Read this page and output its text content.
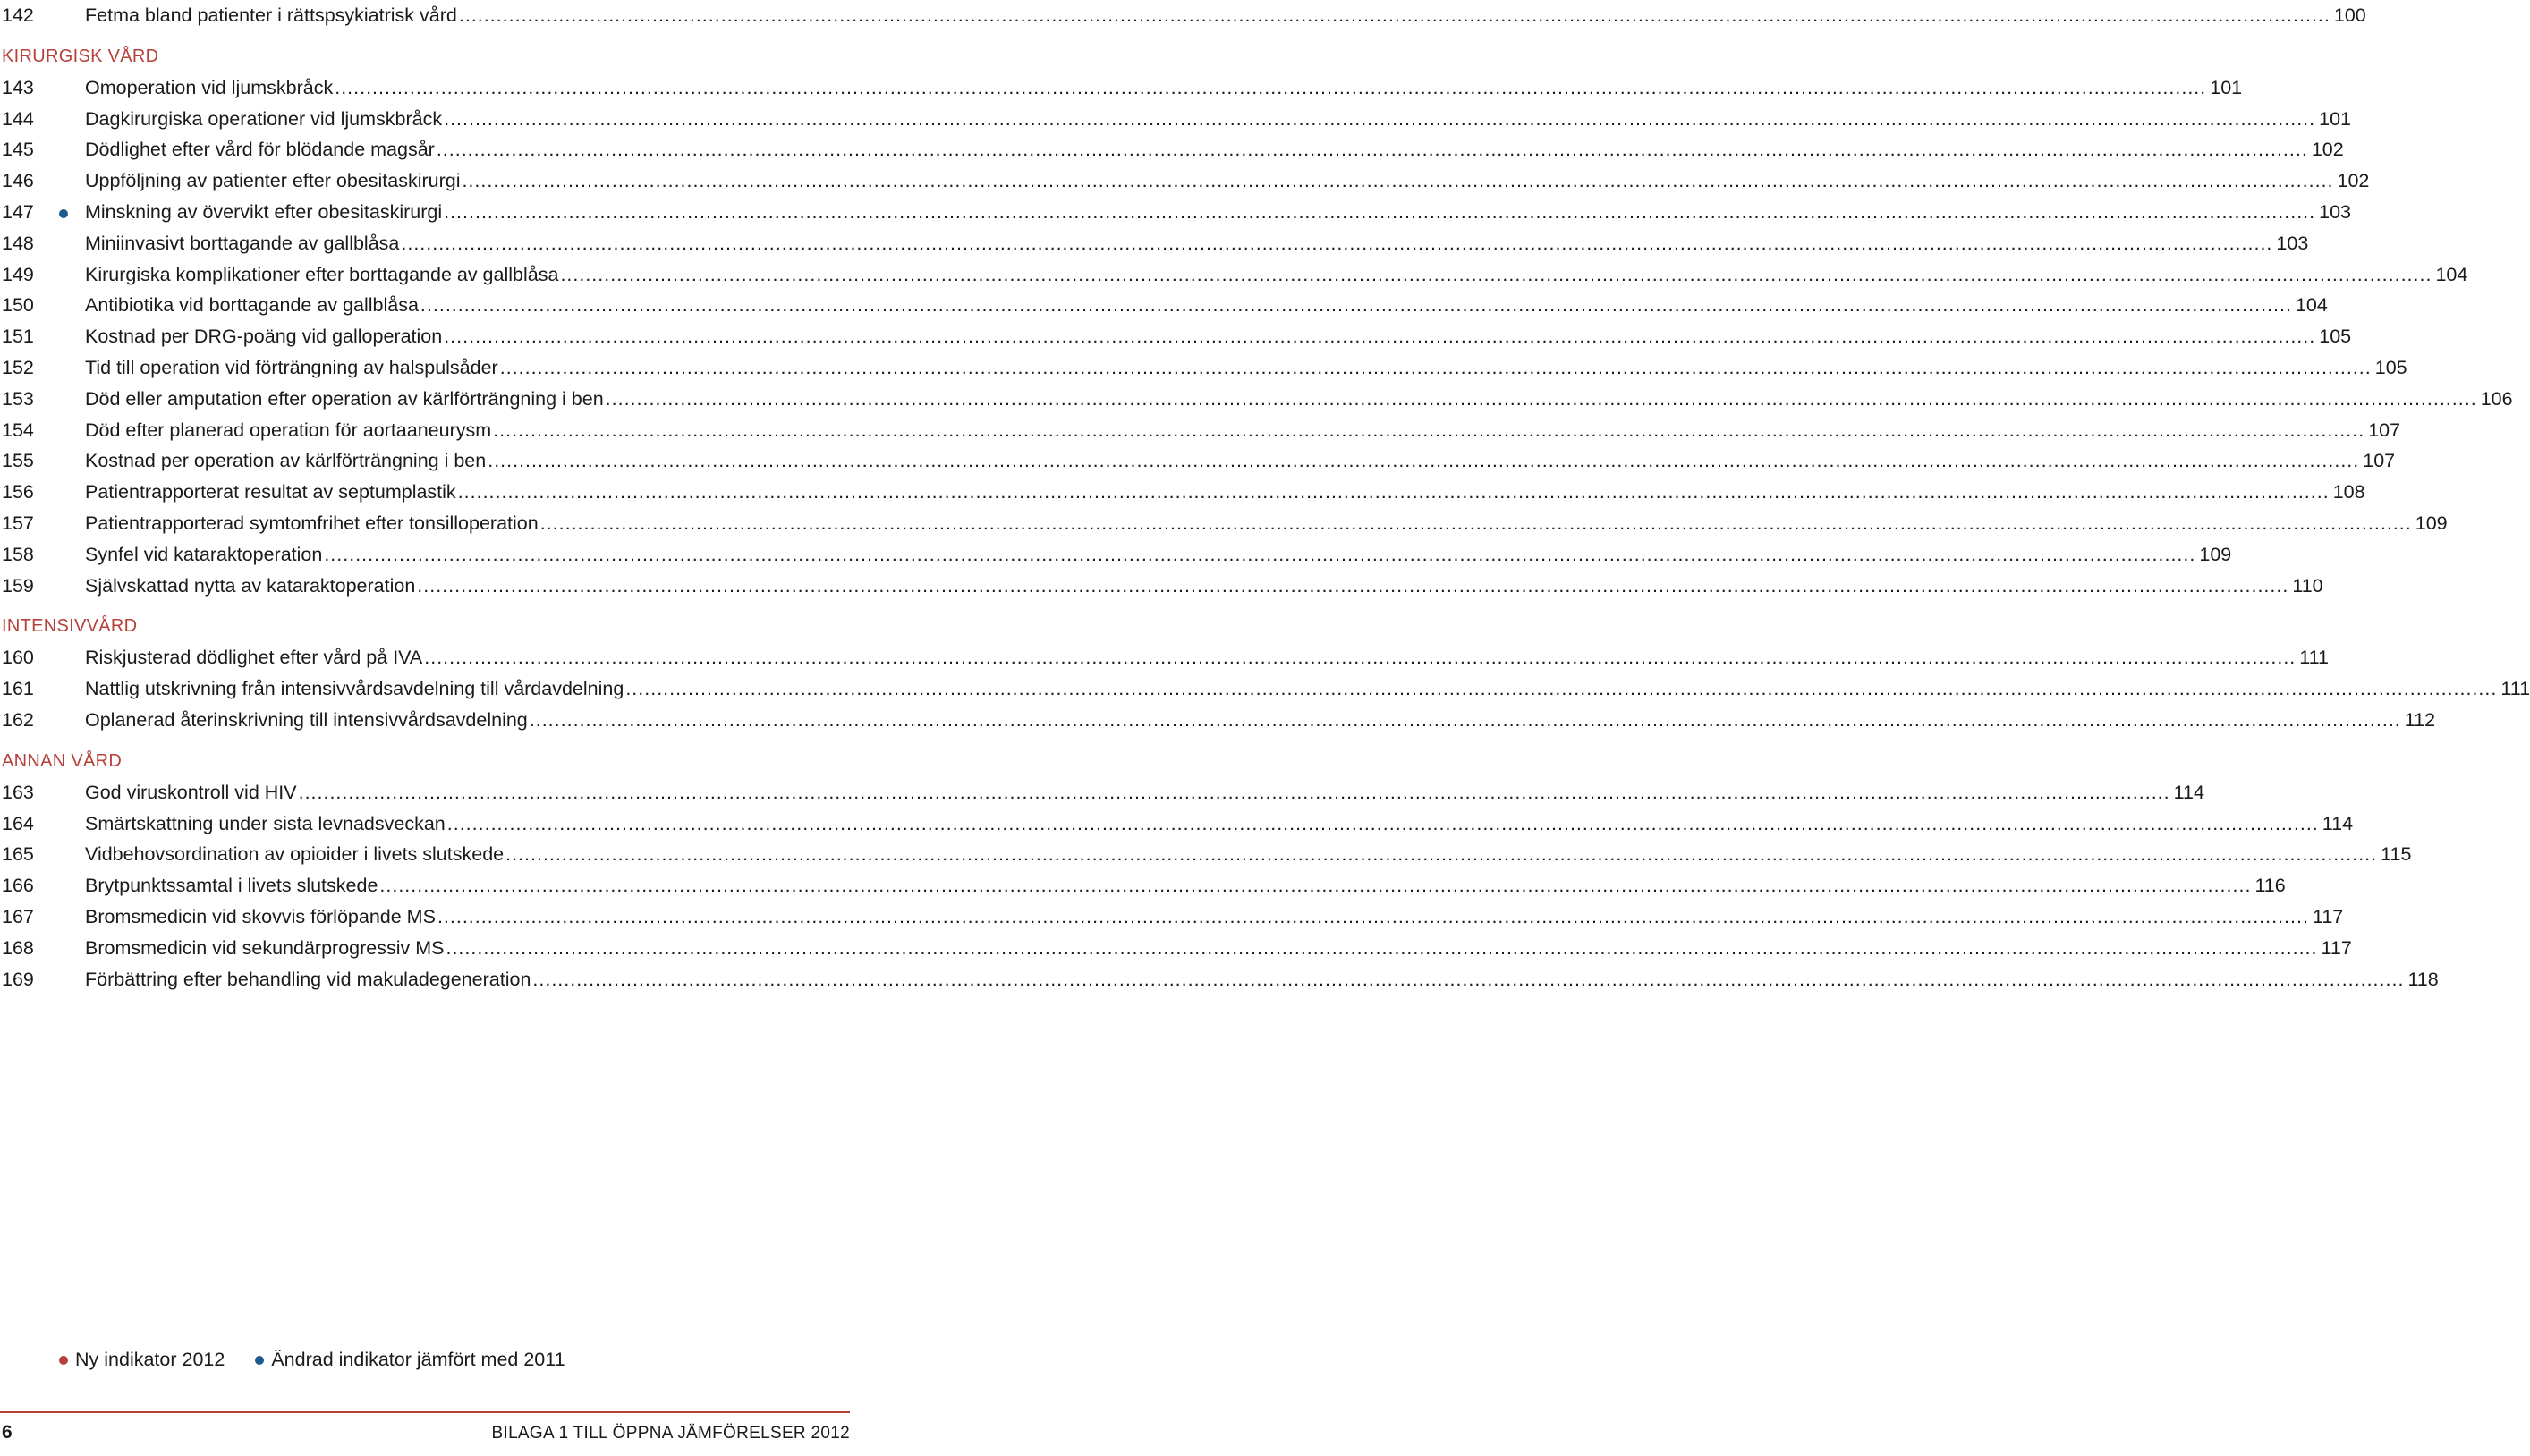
142	Fetma bland patienter i rättspsykiatrisk vård ............................................................................................................................................................................................................................................................................................................ 100
KIRURGISK VÅRD
143	Omoperation vid ljumskbråck ............................................................................................................................................................................................................................................................................................................ 101
144	Dagkirurgiska operationer vid ljumskbråck ............................................................................................................................................................................................................................................................................................................ 101
145	Dödlighet efter vård för blödande magsår ............................................................................................................................................................................................................................................................................................................ 102
146	Uppföljning av patienter efter obesitaskirurgi ............................................................................................................................................................................................................................................................................................................ 102
147	Minskning av övervikt efter obesitaskirurgi ............................................................................................................................................................................................................................................................................................................ 103
148	Miniinvasivt borttagande av gallblåsa ............................................................................................................................................................................................................................................................................................................ 103
149	Kirurgiska komplikationer efter borttagande av gallblåsa ............................................................................................................................................................................................................................................................................................................ 104
150	Antibiotika vid borttagande av gallblåsa ............................................................................................................................................................................................................................................................................................................ 104
151	Kostnad per DRG-poäng vid galloperation ............................................................................................................................................................................................................................................................................................................ 105
152	Tid till operation vid förträngning av halspulsåder ............................................................................................................................................................................................................................................................................................................ 105
153	Död eller amputation efter operation av kärlförträngning i ben ............................................................................................................................................................................................................................................................................................................ 106
154	Död efter planerad operation för aortaaneurysm ............................................................................................................................................................................................................................................................................................................ 107
155	Kostnad per operation av kärlförträngning i ben ............................................................................................................................................................................................................................................................................................................ 107
156	Patientrapporterat resultat av septumplastik ............................................................................................................................................................................................................................................................................................................ 108
157	Patientrapporterad symtomfrihet efter tonsilloperation ............................................................................................................................................................................................................................................................................................................ 109
158	Synfel vid kataraktoperation ............................................................................................................................................................................................................................................................................................................ 109
159	Självskattad nytta av kataraktoperation ............................................................................................................................................................................................................................................................................................................ 110
INTENSIVVÅRD
160	Riskjusterad dödlighet efter vård på IVA ............................................................................................................................................................................................................................................................................................................ 111
161	Nattlig utskrivning från intensivvårdsavdelning till vårdavdelning ............................................................................................................................................................................................................................................................................................................ 111
162	Oplanerad återinskrivning till intensivvårdsavdelning ............................................................................................................................................................................................................................................................................................................ 112
ANNAN VÅRD
163	God viruskontroll vid HIV ............................................................................................................................................................................................................................................................................................................ 114
164	Smärtskattning under sista levnadsveckan ............................................................................................................................................................................................................................................................................................................ 114
165	Vidbehovsordination av opioider i livets slutskede ............................................................................................................................................................................................................................................................................................................ 115
166	Brytpunktssamtal i livets slutskede ............................................................................................................................................................................................................................................................................................................ 116
167	Bromsmedicin vid skovvis förlöpande MS ............................................................................................................................................................................................................................................................................................................ 117
168	Bromsmedicin vid sekundärprogressiv MS ............................................................................................................................................................................................................................................................................................................ 117
169	Förbättring efter behandling vid makuladegeneration ............................................................................................................................................................................................................................................................................................................ 118
Ny indikator 2012 Ändrad indikator jämfört med 2011
6	BILAGA 1 TILL ÖPPNA JÄMFÖRELSER 2012
